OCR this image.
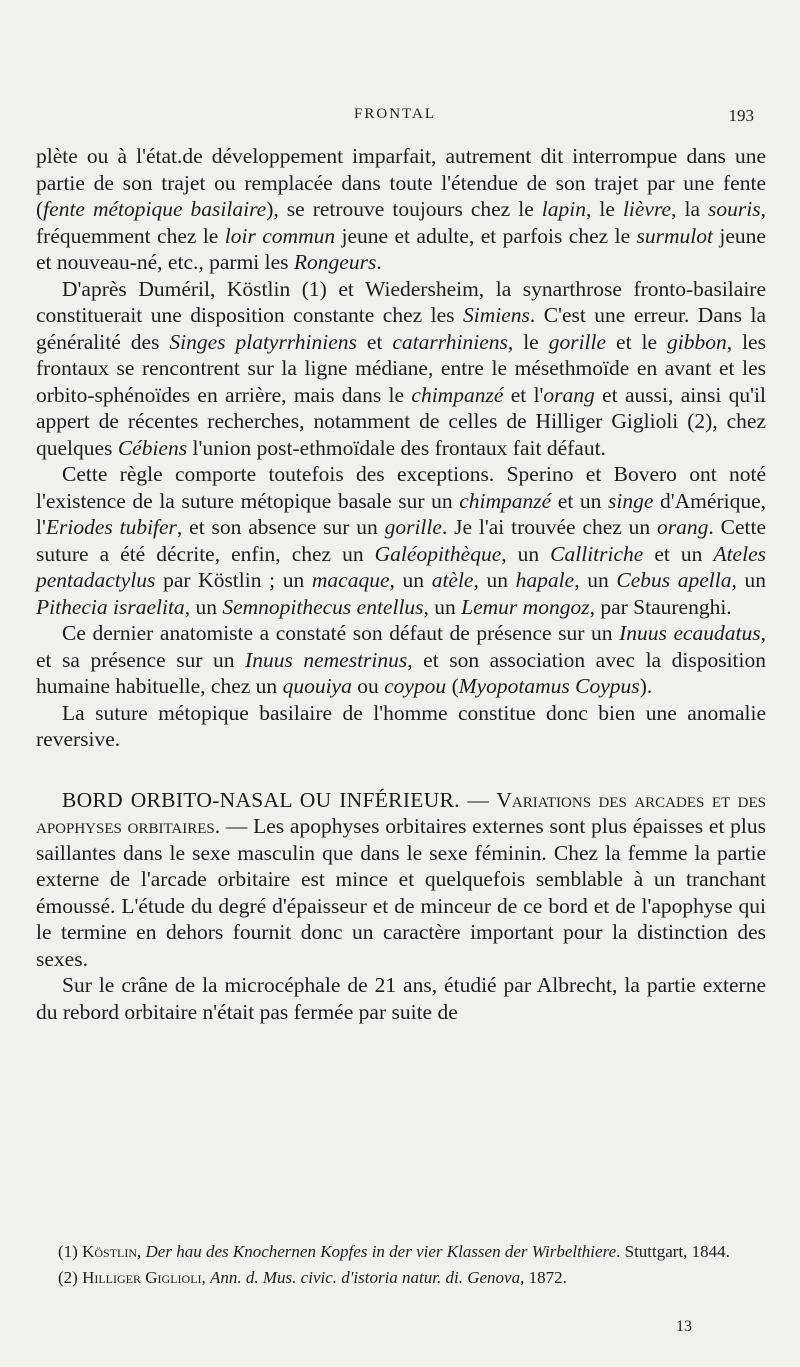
FRONTAL	193

plète ou à l'état.de développement imparfait, autrement dit interrompue dans une partie de son trajet ou remplacée dans toute l'étendue de son trajet par une fente (fente métopique basilaire), se retrouve toujours chez le lapin, le lièvre, la souris, fréquemment chez le loir commun jeune et adulte, et parfois chez le surmulot jeune et nouveau-né, etc., parmi les Rongeurs.

D'après Duméril, Köstlin (1) et Wiedersheim, la synarthrose fronto-basilaire constituerait une disposition constante chez les Simiens. C'est une erreur. Dans la généralité des Singes platyrrhiniens et catarrhiniens, le gorille et le gibbon, les frontaux se rencontrent sur la ligne médiane, entre le mésethmoïde en avant et les orbito-sphénoïdes en arrière, mais dans le chimpanzé et l'orang et aussi, ainsi qu'il appert de récentes recherches, notamment de celles de Hilliger Giglioli (2), chez quelques Cébiens l'union post-ethmoïdale des frontaux fait défaut.

Cette règle comporte toutefois des exceptions. Sperino et Bovero ont noté l'existence de la suture métopique basale sur un chimpanzé et un singe d'Amérique, l'Eriodes tubifer, et son absence sur un gorille. Je l'ai trouvée chez un orang. Cette suture a été décrite, enfin, chez un Galéopithèque, un Callitriche et un Ateles pentadactylus par Köstlin ; un macaque, un atèle, un hapale, un Cebus apella, un Pithecia israelita, un Semnopithecus entellus, un Lemur mongoz, par Staurenghi.

Ce dernier anatomiste a constaté son défaut de présence sur un Inuus ecaudatus, et sa présence sur un Inuus nemestrinus, et son association avec la disposition humaine habituelle, chez un quouiya ou coypou (Myopotamus Coypus).

La suture métopique basilaire de l'homme constitue donc bien une anomalie reversive.

BORD ORBITO-NASAL OU INFÉRIEUR. — Variations des arcades et des apophyses orbitaires. — Les apophyses orbitaires externes sont plus épaisses et plus saillantes dans le sexe masculin que dans le sexe féminin. Chez la femme la partie externe de l'arcade orbitaire est mince et quelquefois semblable à un tranchant émoussé. L'étude du degré d'épaisseur et de minceur de ce bord et de l'apophyse qui le termine en dehors fournit donc un caractère important pour la distinction des sexes.

Sur le crâne de la microcéphale de 21 ans, étudié par Albrecht, la partie externe du rebord orbitaire n'était pas fermée par suite de

(1) Köstlin, Der hau des Knochernen Kopfes in der vier Klassen der Wirbelthiere. Stuttgart, 1844.

(2) Hilliger Giglioli, Ann. d. Mus. civic. d'istoria natur. di. Genova, 1872.

13
